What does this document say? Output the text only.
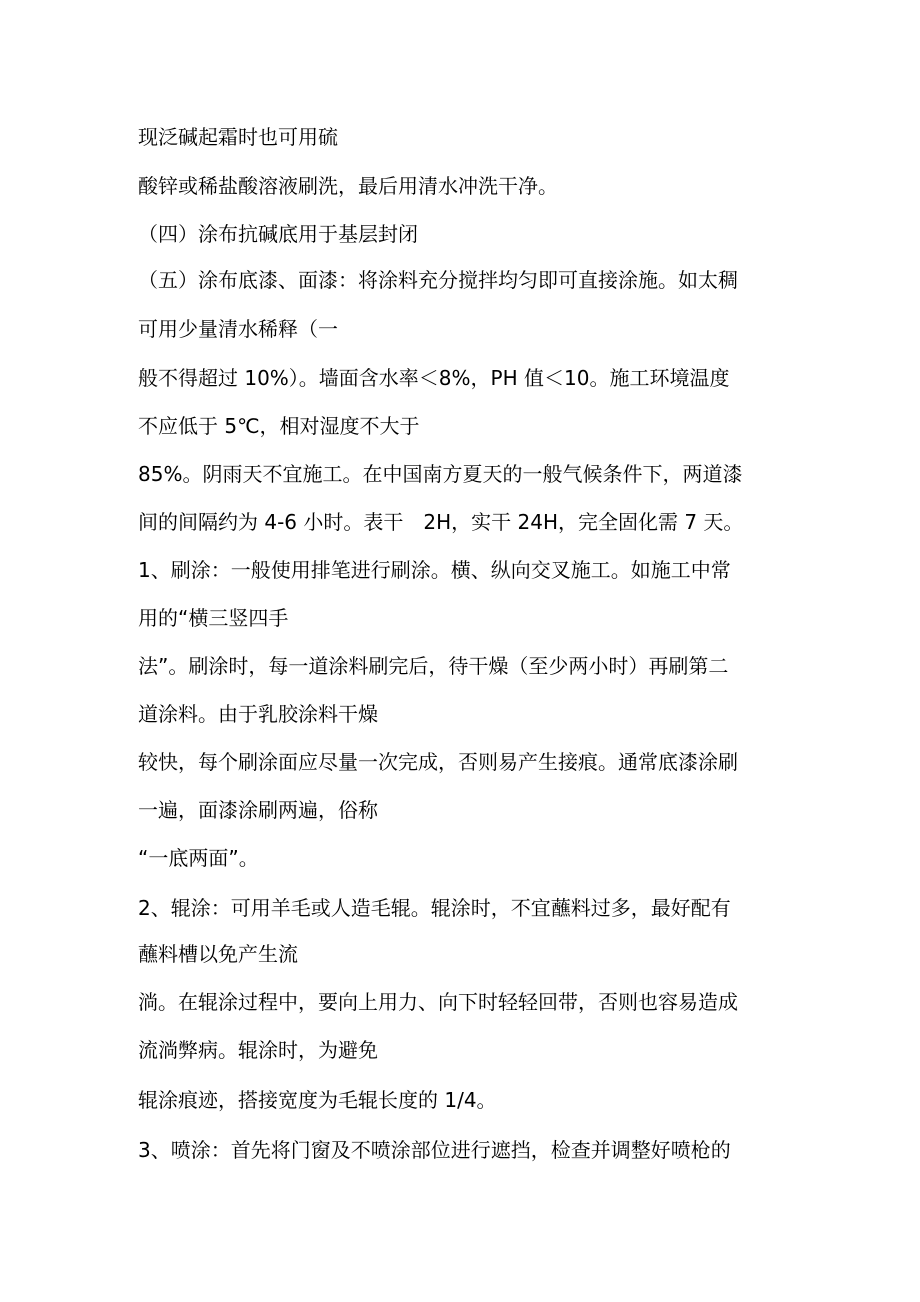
现泛碱起霜时也可用硫
酸锌或稀盐酸溶液刷洗，最后用清水冲洗干净。
（四）涂布抗碱底用于基层封闭
（五）涂布底漆、面漆：将涂料充分搅拌均匀即可直接涂施。如太稠
可用少量清水稀释（一
般不得超过 10%）。墙面含水率＜8%，PH 值＜10。施工环境温度
不应低于 5℃，相对湿度不大于
85%。阴雨天不宜施工。在中国南方夏天的一般气候条件下，两道漆
间的间隔约为 4-6 小时。表干　2H，实干 24H，完全固化需 7 天。
1、刷涂：一般使用排笔进行刷涂。横、纵向交叉施工。如施工中常
用的“横三竖四手
法”。刷涂时，每一道涂料刷完后，待干燥（至少两小时）再刷第二
道涂料。由于乳胶涂料干燥
较快，每个刷涂面应尽量一次完成，否则易产生接痕。通常底漆涂刷
一遍，面漆涂刷两遍，俗称
“一底两面”。
2、辊涂：可用羊毛或人造毛辊。辊涂时，不宜蘸料过多，最好配有
蘸料槽以免产生流
淌。在辊涂过程中，要向上用力、向下时轻轻回带，否则也容易造成
流淌弊病。辊涂时，为避免
辊涂痕迹，搭接宽度为毛辊长度的 1/4。
3、喷涂：首先将门窗及不喷涂部位进行遮挡，检查并调整好喷枪的
